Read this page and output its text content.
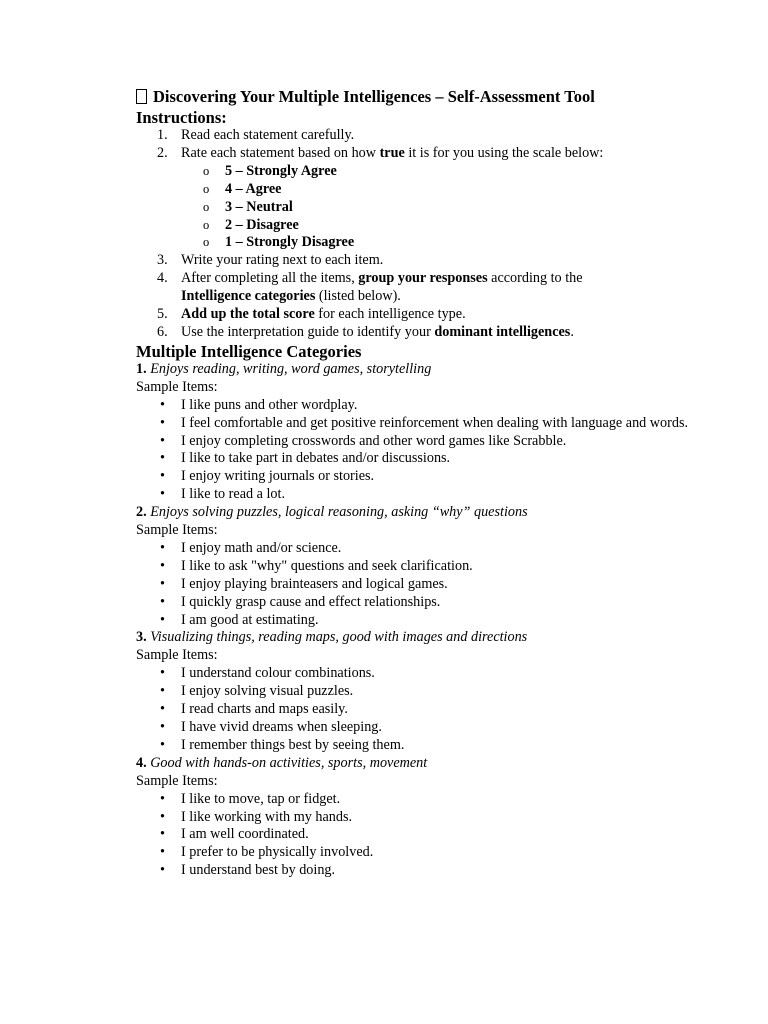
Discovering Your Multiple Intelligences – Self-Assessment Tool
Instructions:
1. Read each statement carefully.
2. Rate each statement based on how true it is for you using the scale below:
o 5 – Strongly Agree
o 4 – Agree
o 3 – Neutral
o 2 – Disagree
o 1 – Strongly Disagree
3. Write your rating next to each item.
4. After completing all the items, group your responses according to the
Intelligence categories (listed below).
5. Add up the total score for each intelligence type.
6. Use the interpretation guide to identify your dominant intelligences.
Multiple Intelligence Categories

1. Enjoys reading, writing, word games, storytelling

Sample Items:

• I like puns and other wordplay.
• I feel comfortable and get positive reinforcement when dealing with language and words.
• I enjoy completing crosswords and other word games like Scrabble.
• I like to take part in debates and/or discussions.
• I enjoy writing journals or stories.
• I like to read a lot.

2. Enjoys solving puzzles, logical reasoning, asking “why” questions

Sample Items:

• I enjoy math and/or science.
• I like to ask "why" questions and seek clarification.
• I enjoy playing brainteasers and logical games.
• I quickly grasp cause and effect relationships.
• I am good at estimating.

3. Visualizing things, reading maps, good with images and directions

Sample Items:

• I understand colour combinations.
• I enjoy solving visual puzzles.
• I read charts and maps easily.
• I have vivid dreams when sleeping.
• I remember things best by seeing them.

4. Good with hands-on activities, sports, movement

Sample Items:

• I like to move, tap or fidget.
• I like working with my hands.
• I am well coordinated.
• I prefer to be physically involved.
• I understand best by doing.
